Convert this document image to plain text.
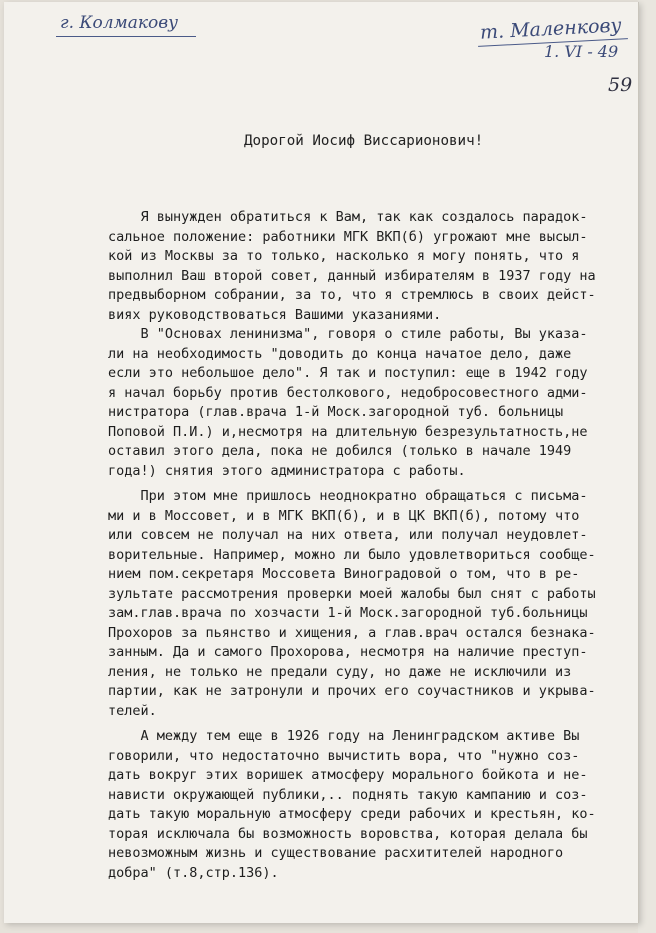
г. Колмакову	т. Маленкову
1. VI - 49
59
Дорогой Иосиф Виссарионович!
Я вынужден обратиться к Вам, так как создалось парадок-
сальное положение: работники МГК ВКП(б) угрожают мне высыл-
кой из Москвы за то только, насколько я могу понять, что я
выполнил Ваш второй совет, данный избирателям в 1937 году на
предвыборном собрании, за то, что я стремлюсь в своих дейст-
виях руководствоваться Вашими указаниями.
В "Основах ленинизма", говоря о стиле работы, Вы указа-
ли на необходимость "доводить до конца начатое дело, даже
если это небольшое дело". Я так и поступил: еще в 1942 году
я начал борьбу против бестолкового, недобросовестного адми-
нистратора (глав.врача 1-й Моск.загородной туб. больницы
Поповой П.И.) и,несмотря на длительную безрезультатность,не
оставил этого дела, пока не добился (только в начале 1949
года!) снятия этого администратора с работы.
При этом мне пришлось неоднократно обращаться с письма-
ми и в Моссовет, и в МГК ВКП(б), и в ЦК ВКП(б), потому что
или совсем не получал на них ответа, или получал неудовлет-
ворительные. Например, можно ли было удовлетвориться сообще-
нием пом.секретаря Моссовета Виноградовой о том, что в ре-
зультате рассмотрения проверки моей жалобы был снят с работы
зам.глав.врача по хозчасти 1-й Моск.загородной туб.больницы
Прохоров за пьянство и хищения, а глав.врач остался безнака-
занным. Да и самого Прохорова, несмотря на наличие преступ-
ления, не только не предали суду, но даже не исключили из
партии, как не затронули и прочих его соучастников и укрыва-
телей.
А между тем еще в 1926 году на Ленинградском активе Вы
говорили, что недостаточно вычистить вора, что "нужно соз-
дать вокруг этих воришек атмосферу морального бойкота и не-
нависти окружающей публики,.. поднять такую кампанию и соз-
дать такую моральную атмосферу среди рабочих и крестьян, ко-
торая исключала бы возможность воровства, которая делала бы
невозможным жизнь и существование расхитителей народного
добра" (т.8,стр.136).
